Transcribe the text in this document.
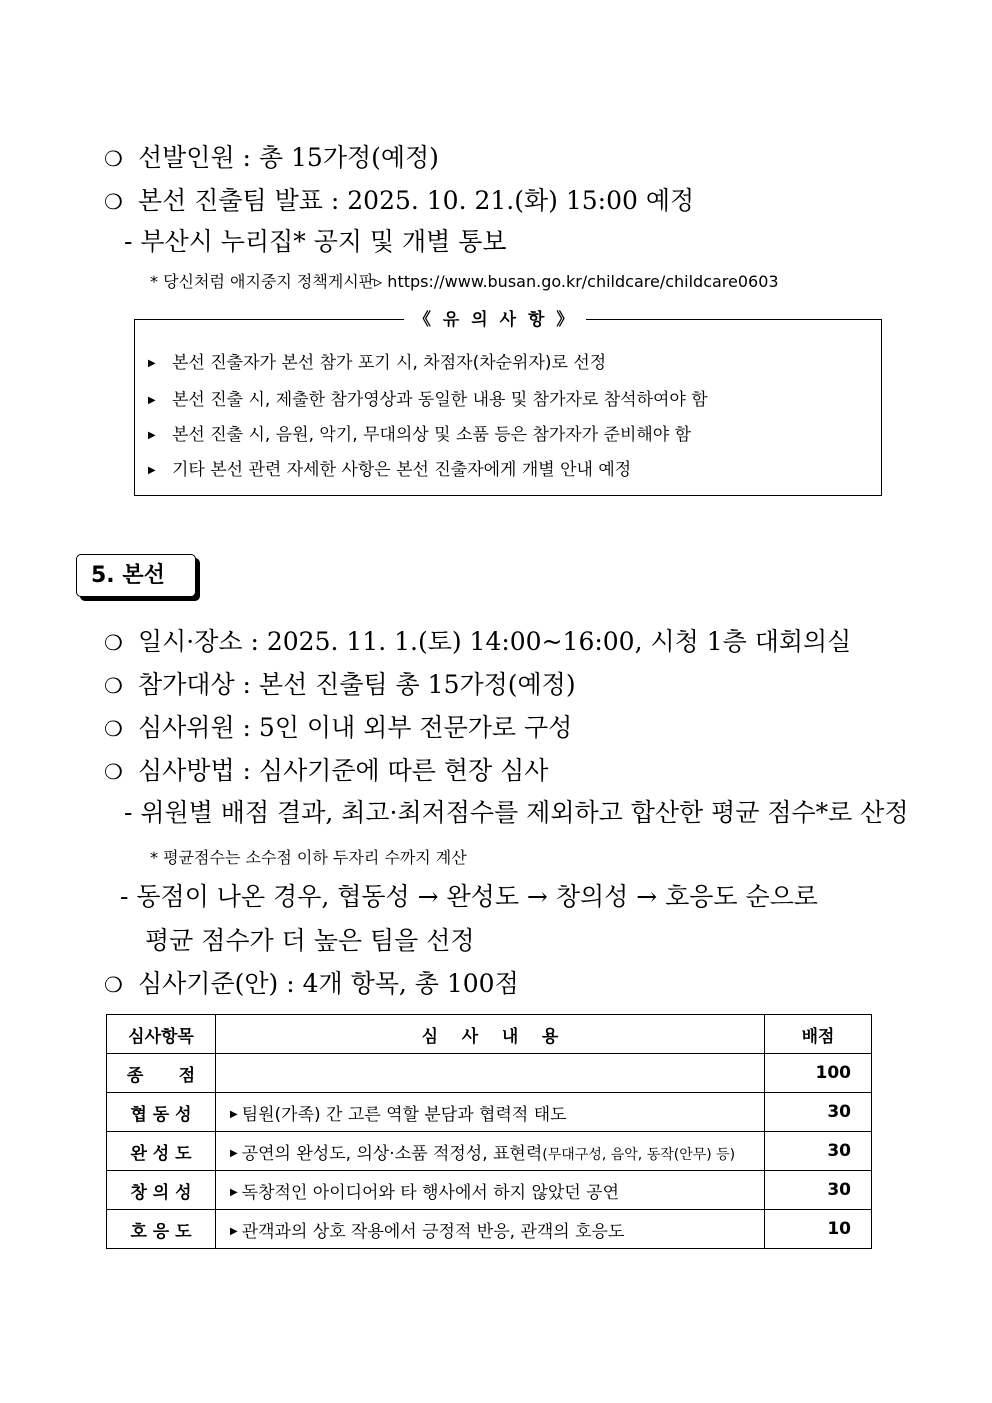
❍ 선발인원 : 총 15가정(예정)
❍ 본선 진출팀 발표 : 2025. 10. 21.(화) 15:00 예정
- 부산시 누리집* 공지 및 개별 통보
* 당신처럼 애지중지 정책게시판▹ https://www.busan.go.kr/childcare/childcare0603
《 유 의 사 항 》
▶ 본선 진출자가 본선 참가 포기 시, 차점자(차순위자)로 선정
▶ 본선 진출 시, 제출한 참가영상과 동일한 내용 및 참가자로 참석하여야 함
▶ 본선 진출 시, 음원, 악기, 무대의상 및 소품 등은 참가자가 준비해야 함
▶ 기타 본선 관련 자세한 사항은 본선 진출자에게 개별 안내 예정
5. 본선
❍ 일시·장소 : 2025. 11. 1.(토) 14:00~16:00, 시청 1층 대회의실
❍ 참가대상 : 본선 진출팀 총 15가정(예정)
❍ 심사위원 : 5인 이내 외부 전문가로 구성
❍ 심사방법 : 심사기준에 따른 현장 심사
- 위원별 배점 결과, 최고·최저점수를 제외하고 합산한 평균 점수*로 산정
* 평균점수는 소수점 이하 두자리 수까지 계산
- 동점이 나온 경우, 협동성 → 완성도 → 창의성 → 호응도 순으로
평균 점수가 더 높은 팀을 선정
❍ 심사기준(안) : 4개 항목, 총 100점
심사항목	심    사    내    용	배점
종      점		100
협 동 성	▶ 팀원(가족) 간 고른 역할 분담과 협력적 태도	30
완 성 도	▶ 공연의 완성도, 의상·소품 적정성, 표현력(무대구성, 음악, 동작(안무) 등)	30
창 의 성	▶ 독창적인 아이디어와 타 행사에서 하지 않았던 공연	30
호 응 도	▶ 관객과의 상호 작용에서 긍정적 반응, 관객의 호응도	10
